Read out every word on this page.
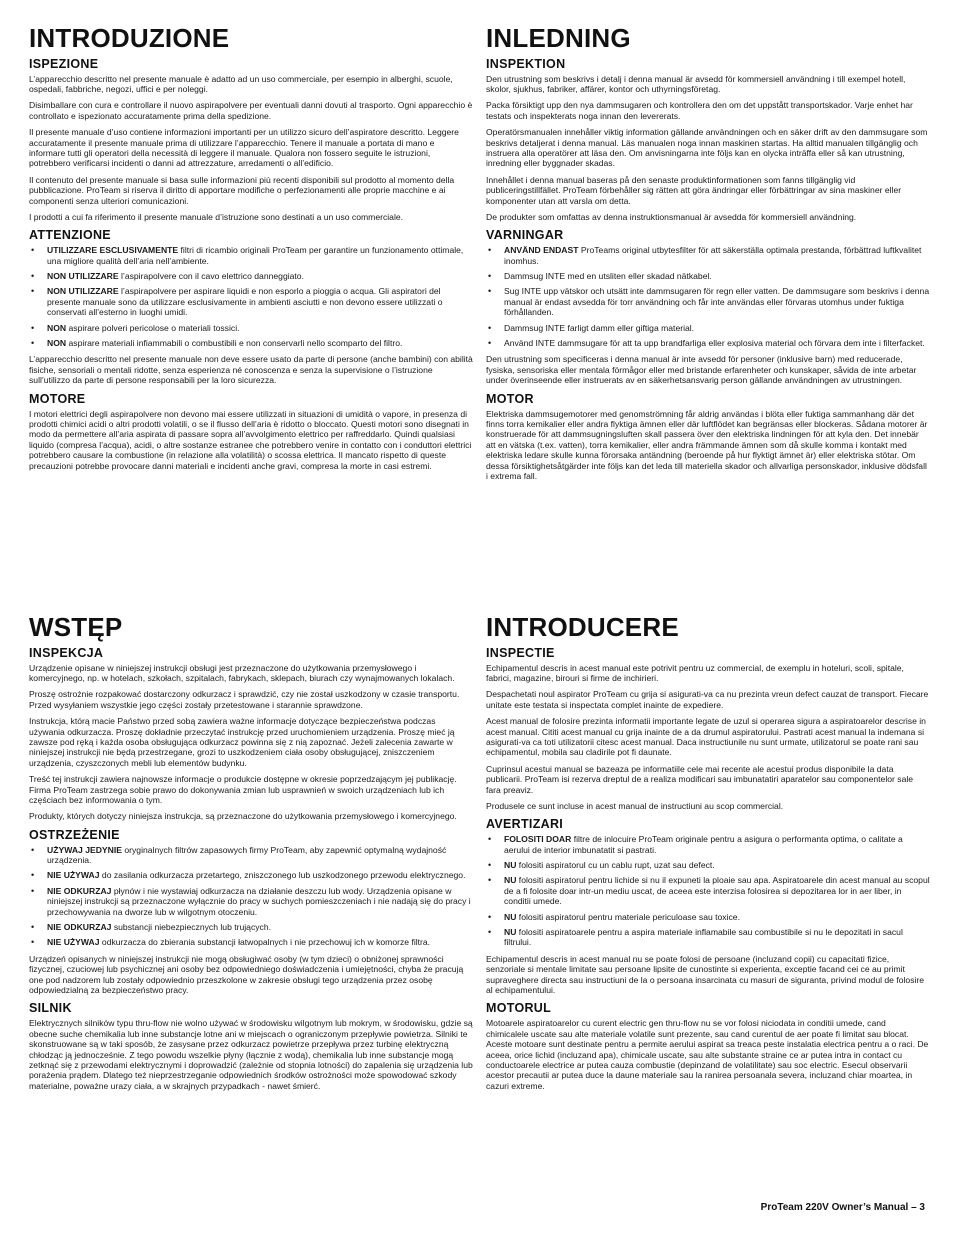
INTRODUZIONE
ISPEZIONE

L’apparecchio descritto nel presente manuale è adatto ad un uso commerciale, per esempio in alberghi, scuole, ospedali, fabbriche, negozi, uffici e per noleggi.

Disimballare con cura e controllare il nuovo aspirapolvere per eventuali danni dovuti al trasporto. Ogni apparecchio è controllato e ispezionato accuratamente prima della spedizione.

Il presente manuale d’uso contiene informazioni importanti per un utilizzo sicuro dell’aspiratore descritto. Leggere accuratamente il presente manuale prima di utilizzare l’apparecchio. Tenere il manuale a portata di mano e informare tutti gli operatori della necessità di leggere il manuale. Qualora non fossero seguite le istruzioni, potrebbero verificarsi incidenti o danni ad attrezzature, arredamenti o all’edificio.

Il contenuto del presente manuale si basa sulle informazioni più recenti disponibili sul prodotto al momento della pubblicazione. ProTeam si riserva il diritto di apportare modifiche o perfezionamenti alle proprie macchine e ai componenti senza ulteriori comunicazioni.

I prodotti a cui fa riferimento il presente manuale d’istruzione sono destinati a un uso commerciale.

ATTENZIONE
• UTILIZZARE ESCLUSIVAMENTE filtri di ricambio originali ProTeam per garantire un funzionamento ottimale, una migliore qualità dell’aria nell’ambiente.
• NON UTILIZZARE l’aspirapolvere con il cavo elettrico danneggiato.
• NON UTILIZZARE l’aspirapolvere per aspirare liquidi e non esporlo a pioggia o acqua. Gli aspiratori del presente manuale sono da utilizzare esclusivamente in ambienti asciutti e non devono essere utilizzati o conservati all’esterno in luoghi umidi.
• NON aspirare polveri pericolose o materiali tossici.
• NON aspirare materiali infiammabili o combustibili e non conservarli nello scomparto del filtro.

L’apparecchio descritto nel presente manuale non deve essere usato da parte di persone (anche bambini) con abilità fisiche, sensoriali o mentali ridotte, senza esperienza né conoscenza e senza la supervisione o l’istruzione sull’utilizzo da parte di persone responsabili per la loro sicurezza.

MOTORE

I motori elettrici degli aspirapolvere non devono mai essere utilizzati in situazioni di umidità o vapore, in presenza di prodotti chimici acidi o altri prodotti volatili, o se il flusso dell’aria è ridotto o bloccato. Questi motori sono disegnati in modo da permettere all’aria aspirata di passare sopra all’avvolgimento elettrico per raffreddarlo. Quindi qualsiasi liquido (compresa l’acqua), acidi, o altre sostanze estranee che potrebbero venire in contatto con i conduttori elettrici potrebbero causare la combustione (in relazione alla volatilità) o scossa elettrica. Il mancato rispetto di queste precauzioni potrebbe provocare danni materiali e incidenti anche gravi, compresa la morte in casi estremi.

INLEDNING
INSPEKTION

Den utrustning som beskrivs i detalj i denna manual är avsedd för kommersiell användning i till exempel hotell, skolor, sjukhus, fabriker, affärer, kontor och uthyrningsföretag.

Packa försiktigt upp den nya dammsugaren och kontrollera den om det uppstått transportskador. Varje enhet har testats och inspekterats noga innan den levererats.

Operatörsmanualen innehåller viktig information gällande användningen och en säker drift av den dammsugare som beskrivs detaljerat i denna manual. Läs manualen noga innan maskinen startas. Ha alltid manualen tillgänglig och instruera alla operatörer att läsa den. Om anvisningarna inte följs kan en olycka inträffa eller så kan utrustning, inredning eller byggnader skadas.

Innehållet i denna manual baseras på den senaste produktinformationen som fanns tillgänglig vid publiceringstillfället. ProTeam förbehåller sig rätten att göra ändringar eller förbättringar av sina maskiner eller komponenter utan att varsla om detta.

De produkter som omfattas av denna instruktionsmanual är avsedda för kommersiell användning.

VARNINGAR
• ANVÄND ENDAST ProTeams original utbytesfilter för att säkerställa optimala prestanda, förbättrad luftkvalitet inomhus.
• Dammsug INTE med en utsliten eller skadad nätkabel.
• Sug INTE upp vätskor och utsätt inte dammsugaren för regn eller vatten. De dammsugare som beskrivs i denna manual är endast avsedda för torr användning och får inte användas eller förvaras utomhus under fuktiga förhållanden.
• Dammsug INTE farligt damm eller giftiga material.
• Använd INTE dammsugare för att ta upp brandfarliga eller explosiva material och förvara dem inte i filterfacket.

Den utrustning som specificeras i denna manual är inte avsedd för personer (inklusive barn) med reducerade, fysiska, sensoriska eller mentala förmågor eller med bristande erfarenheter och kunskaper, såvida de inte arbetar under överinseende eller instruerats av en säkerhetsansvarig person gällande användningen av utrustningen.

MOTOR

Elektriska dammsugemotorer med genomströmning får aldrig användas i blöta eller fuktiga sammanhang där det finns torra kemikalier eller andra flyktiga ämnen eller där luftflödet kan begränsas eller blockeras. Sådana motorer är konstruerade för att dammsugningsluften skall passera över den elektriska lindningen för att kyla den. Det innebär att en vätska (t.ex. vatten), torra kemikalier, eller andra främmande ämnen som då skulle komma i kontakt med elektriska ledare skulle kunna förorsaka antändning (beroende på hur flyktigt ämnet är) eller elektriska stötar. Om dessa försiktighetsåtgärder inte följs kan det leda till materiella skador och allvarliga personskador, inklusive dödsfall i extrema fall.

WSTĘP
INSPEKCJA

Urządzenie opisane w niniejszej instrukcji obsługi jest przeznaczone do użytkowania przemysłowego i komercyjnego, np. w hotelach, szkołach, szpitalach, fabrykach, sklepach, biurach czy wynajmowanych lokalach.

Proszę ostrożnie rozpakować dostarczony odkurzacz i sprawdzić, czy nie został uszkodzony w czasie transportu. Przed wysyłaniem wszystkie jego części zostały przetestowane i starannie sprawdzone.

Instrukcja, którą macie Państwo przed sobą zawiera ważne informacje dotyczące bezpieczeństwa podczas używania odkurzacza. Proszę dokładnie przeczytać instrukcję przed uruchomieniem urządzenia. Proszę mieć ją zawsze pod ręką i każda osoba obsługująca odkurzacz powinna się z nią zapoznać. Jeżeli zalecenia zawarte w niniejszej instrukcji nie będą przestrzegane, grozi to uszkodzeniem ciała osoby obsługującej, zniszczeniem urządzenia, czyszczonych mebli lub elementów budynku.

Treść tej instrukcji zawiera najnowsze informacje o produkcie dostępne w okresie poprzedzającym jej publikację. Firma ProTeam zastrzega sobie prawo do dokonywania zmian lub usprawnień w swoich urządzeniach lub ich częściach bez informowania o tym.

Produkty, których dotyczy niniejsza instrukcja, są przeznaczone do użytkowania przemysłowego i komercyjnego.

OSTRZEŻENIE
• UŻYWAJ JEDYNIE oryginalnych filtrów zapasowych firmy ProTeam, aby zapewnić optymalną wydajność urządzenia.
• NIE UŻYWAJ do zasilania odkurzacza przetartego, zniszczonego lub uszkodzonego przewodu elektrycznego.
• NIE ODKURZAJ płynów i nie wystawiaj odkurzacza na działanie deszczu lub wody. Urządzenia opisane w niniejszej instrukcji są przeznaczone wyłącznie do pracy w suchych pomieszczeniach i nie nadają się do pracy i przechowywania na dworze lub w wilgotnym otoczeniu.
• NIE ODKURZAJ substancji niebezpiecznych lub trujących.
• NIE UŻYWAJ odkurzacza do zbierania substancji łatwopalnych i nie przechowuj ich w komorze filtra.

Urządzeń opisanych w niniejszej instrukcji nie mogą obsługiwać osoby (w tym dzieci) o obniżonej sprawności fizycznej, czuciowej lub psychicznej ani osoby bez odpowiedniego doświadczenia i umiejętności, chyba że pracują one pod nadzorem lub zostały odpowiednio przeszkolone w zakresie obsługi tego urządzenia przez osobę odpowiedzialną za bezpieczeństwo pracy.

SILNIK

Elektrycznych silników typu thru-flow nie wolno używać w środowisku wilgotnym lub mokrym, w środowisku, gdzie są obecne suche chemikalia lub inne substancje lotne ani w miejscach o ograniczonym przepływie powietrza. Silniki te skonstruowane są w taki sposób, że zasysane przez odkurzacz powietrze przepływa przez turbinę elektryczną chłodząc ją jednocześnie. Z tego powodu wszelkie płyny (łącznie z wodą), chemikalia lub inne substancje mogą zetknąć się z przewodami elektrycznymi i doprowadzić (zależnie od stopnia lotności) do zapalenia się urządzenia lub porażenia prądem. Dlatego też nieprzestrzeganie odpowiednich środków ostrożności może spowodować szkody materialne, poważne urazy ciała, a w skrajnych przypadkach - nawet śmierć.

INTRODUCERE
INSPECTIE

Echipamentul descris in acest manual este potrivit pentru uz commercial, de exemplu in hoteluri, scoli, spitale, fabrici, magazine, birouri si firme de inchirieri.

Despachetati noul aspirator ProTeam cu grija si asigurati-va ca nu prezinta vreun defect cauzat de transport. Fiecare unitate este testata si inspectata complet inainte de expediere.

Acest manual de folosire prezinta informatii importante legate de uzul si operarea sigura a aspiratoarelor descrise in acest manual. Cititi acest manual cu grija inainte de a da drumul aspiratorului. Pastrati acest manual la indemana si asigurati-va ca toti utilizatorii citesc acest manual. Daca instructiunile nu sunt urmate, utilizatorul se poate rani sau echipamentul, mobila sau cladirile pot fi daunate.

Cuprinsul acestui manual se bazeaza pe informatiile cele mai recente ale acestui produs disponibile la data publicarii. ProTeam isi rezerva dreptul de a realiza modificari sau imbunatatiri aparatelor sau componentelor sale fara preaviz.

Produsele ce sunt incluse in acest manual de instructiuni au scop commercial.

AVERTIZARI
• FOLOSITI DOAR filtre de inlocuire ProTeam originale pentru a asigura o performanta optima, o calitate a aerului de interior imbunatatit si pastrati.
• NU folositi aspiratorul cu un cablu rupt, uzat sau defect.
• NU folositi aspiratorul pentru lichide si nu il expuneti la ploaie sau apa. Aspiratoarele din acest manual au scopul de a fi folosite doar intr-un mediu uscat, de aceea este interzisa folosirea si depozitarea lor in aer liber, in conditii umede.
• NU folositi aspiratorul pentru materiale periculoase sau toxice.
• NU folositi aspiratoarele pentru a aspira materiale inflamabile sau combustibile si nu le depozitati in sacul filtrului.

Echipamentul descris in acest manual nu se poate folosi de persoane (incluzand copii) cu capacitati fizice, senzoriale si mentale limitate sau persoane lipsite de cunostinte si experienta, exceptie facand cei ce au primit supraveghere directa sau instructiuni de la o persoana insarcinata cu masuri de siguranta, privind modul de folosire al echipamentului.

MOTORUL

Motoarele aspiratoarelor cu curent electric gen thru-flow nu se vor folosi niciodata in conditii umede, cand chimicalele uscate sau alte materiale volatile sunt prezente, sau cand curentul de aer poate fi limitat sau blocat. Aceste motoare sunt destinate pentru a permite aerului aspirat sa treaca peste instalatia electrica pentru a o raci. De aceea, orice lichid (incluzand apa), chimicale uscate, sau alte substante straine ce ar putea intra in contact cu conductoarele electrice ar putea cauza combustie (depinzand de volatilitate) sau soc electric. Esecul observarii acestor precautii ar putea duce la daune materiale sau la ranirea persoanala severa, incluzand chiar moartea, in cazuri extreme.

ProTeam 220V Owner’s Manual – 3
